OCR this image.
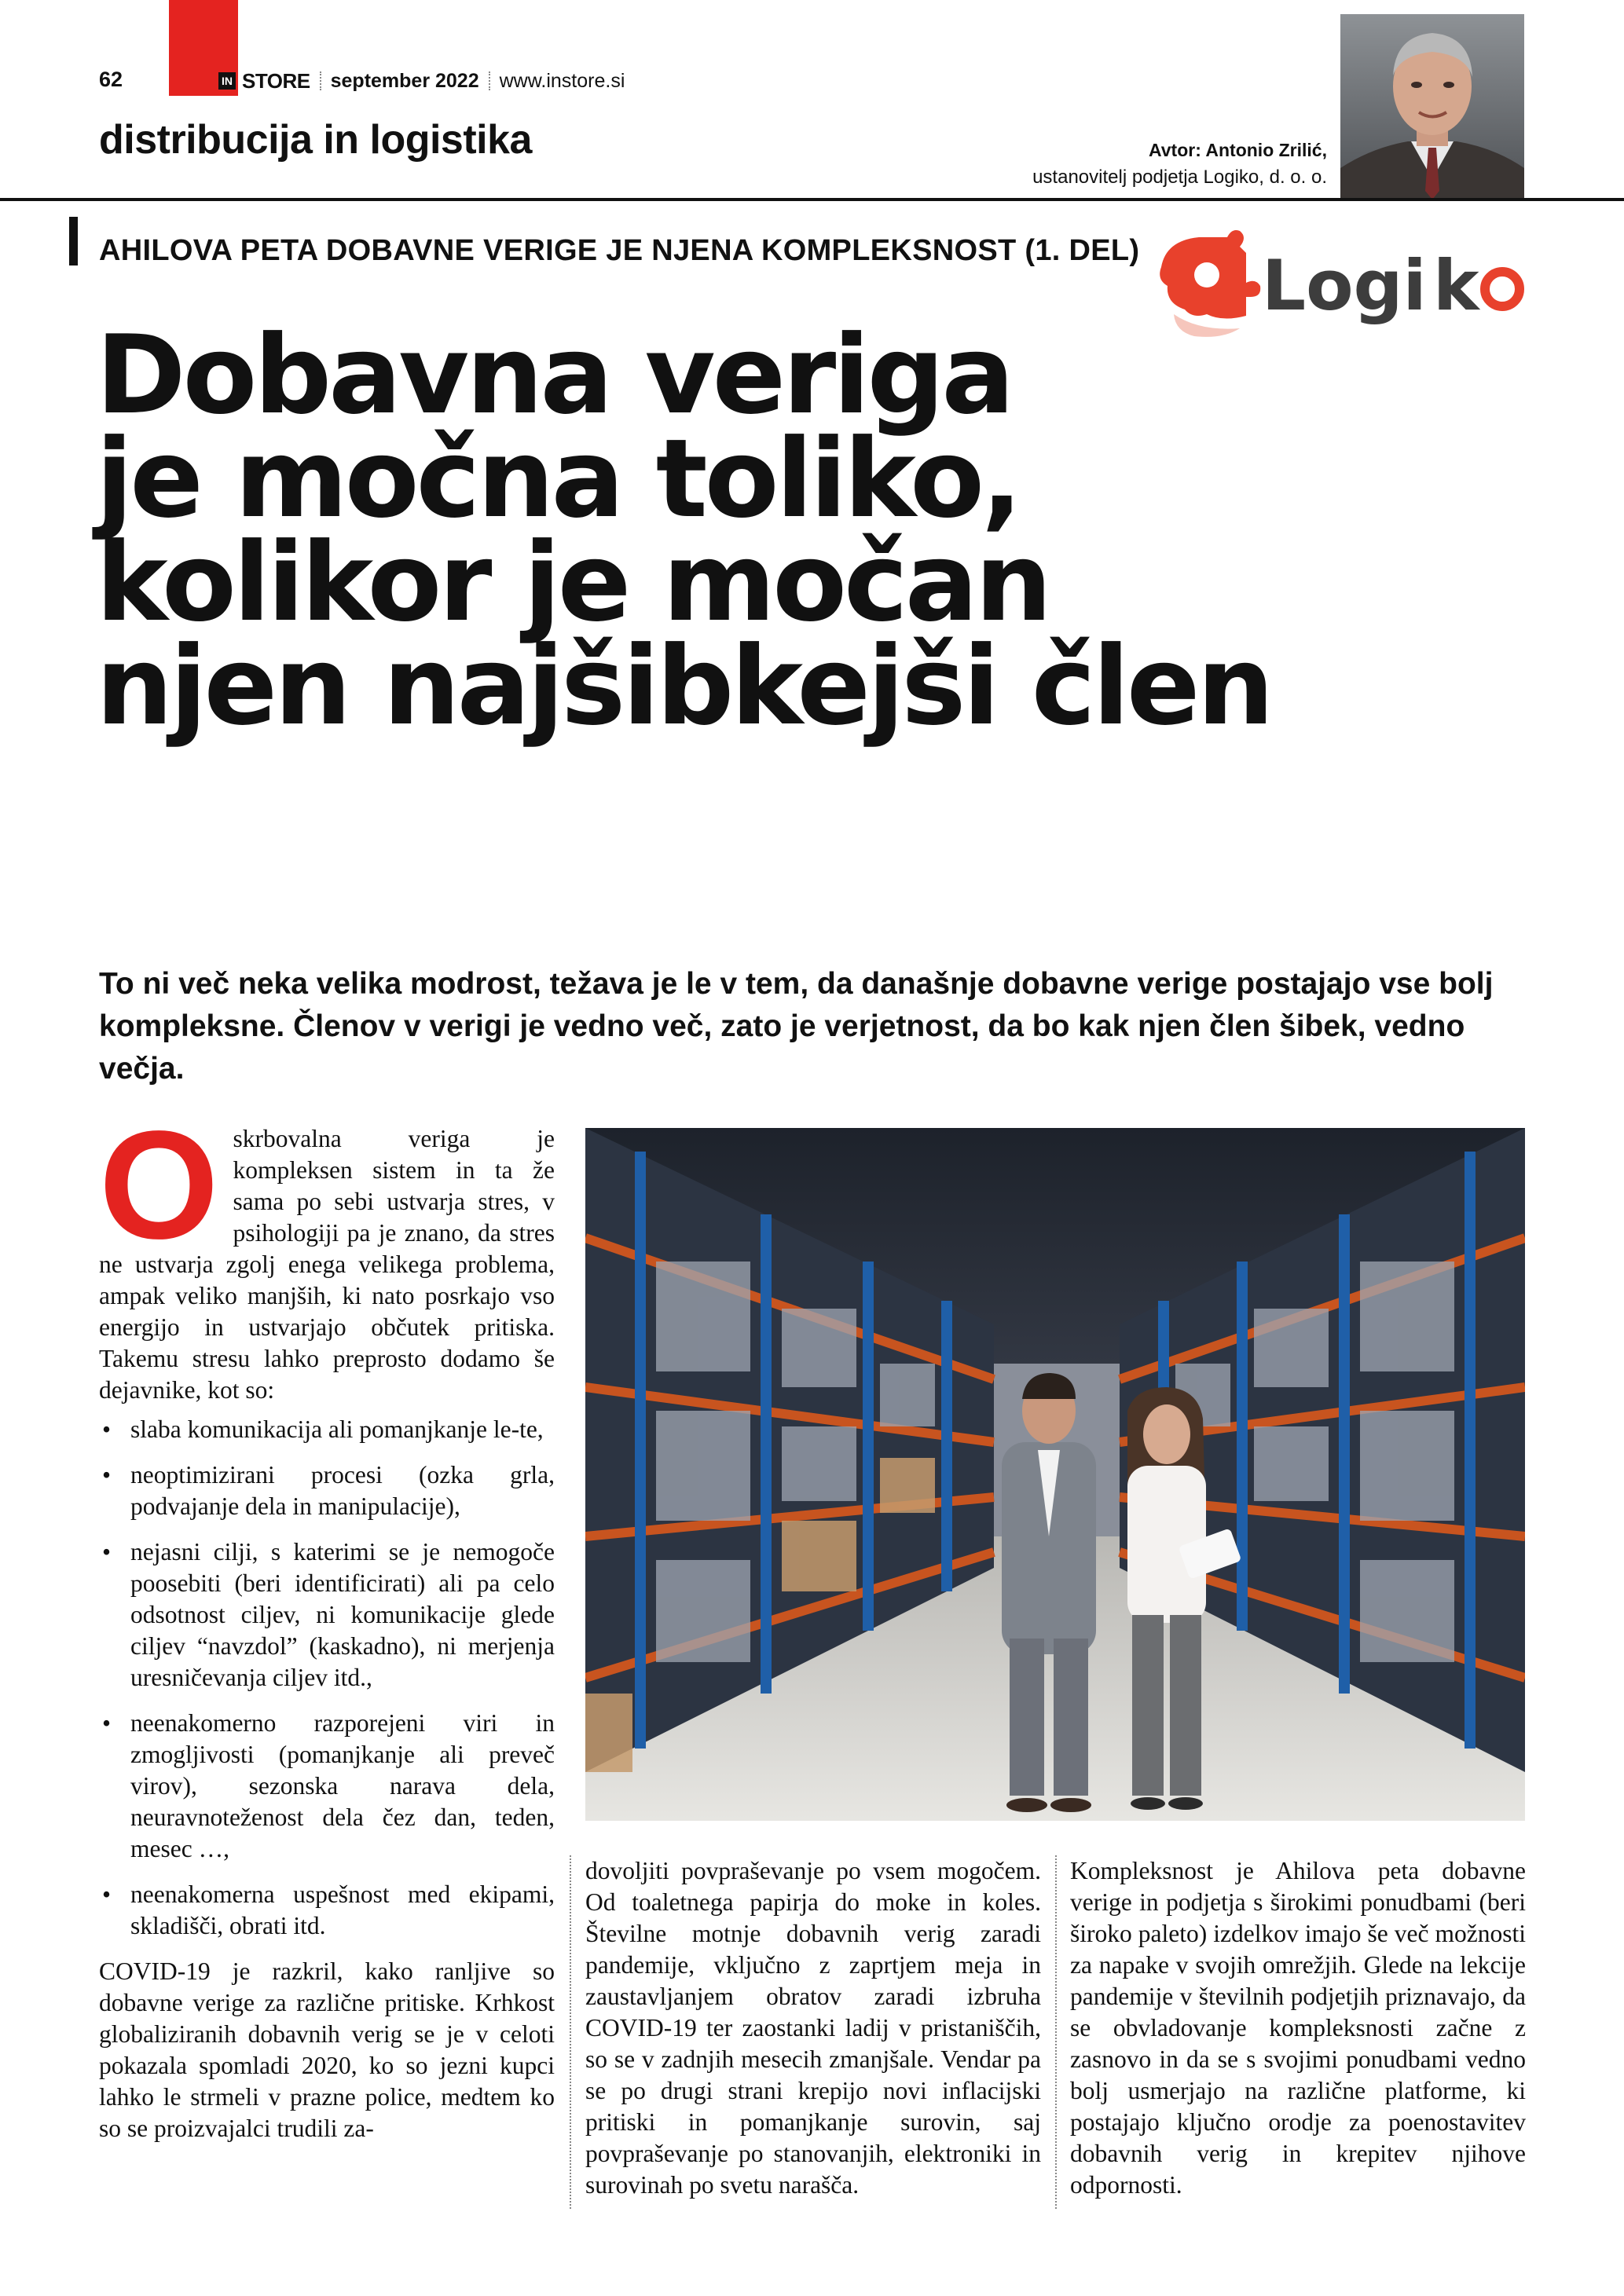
62	IN STORE september 2022 www.instore.si
distribucija in logistika	Avtor: Antonio Zrilić,
ustanovitelj podjetja Logiko, d. o. o.
AHILOVA PETA DOBAVNE VERIGE JE NJENA KOMPLEKSNOST (1. DEL) Logi k
Dobavna veriga
je močna toliko,
kolikor je močan
njen najšibkejši člen

To ni več neka velika modrost, težava je le v tem, da današnje dobavne verige postajajo vse bolj kompleksne. Členov v verigi je vedno več, zato je verjetnost, da bo kak njen člen šibek, vedno večja.

Oskrbovalna veriga je kompleksen sistem in ta že sama po sebi ustvarja stres, v psihologiji pa je znano, da stres ne ustvarja zgolj enega velikega problema, ampak veliko manjših, ki nato posrkajo vso energijo in ustvarjajo občutek pritiska. Takemu stresu lahko preprosto dodamo še dejavnike, kot so:

• slaba komunikacija ali pomanjkanje le-te,
• neoptimizirani procesi (ozka grla, podvajanje dela in manipulacije),
• nejasni cilji, s katerimi se je nemogoče poosebiti (beri identificirati) ali pa celo odsotnost ciljev, ni komunikacije glede ciljev “navzdol” (kaskadno), ni merjenja uresničevanja ciljev itd.,
• neenakomerno razporejeni viri in zmogljivosti (pomanjkanje ali preveč virov), sezonska narava dela, neuravnoteženost dela čez dan, teden, mesec …,
• neenakomerna uspešnost med ekipami, skladišči, obrati itd.

COVID-19 je razkril, kako ranljive so dobavne verige za različne pritiske. Krhkost globaliziranih dobavnih verig se je v celoti pokazala spomladi 2020, ko so jezni kupci lahko le strmeli v prazne police, medtem ko so se proizvajalci trudili za-

dovoljiti povpraševanje po vsem mogočem. Od toaletnega papirja do moke in koles. Številne motnje dobavnih verig zaradi pandemije, vključno z zaprtjem meja in zaustavljanjem obratov zaradi izbruha COVID-19 ter zaostanki ladij v pristaniščih, so se v zadnjih mesecih zmanjšale. Vendar pa se po drugi strani krepijo novi inflacijski pritiski in pomanjkanje surovin, saj povpraševanje po stanovanjih, elektroniki in surovinah po svetu narašča.

Kompleksnost je Ahilova peta dobavne verige in podjetja s širokimi ponudbami (beri široko paleto) izdelkov imajo še več možnosti za napake v svojih omrežjih. Glede na lekcije pandemije v številnih podjetjih priznavajo, da se obvladovanje kompleksnosti začne z zasnovo in da se s svojimi ponudbami vedno bolj usmerjajo na različne platforme, ki postajajo ključno orodje za poenostavitev dobavnih verig in krepitev njihove odpornosti.
